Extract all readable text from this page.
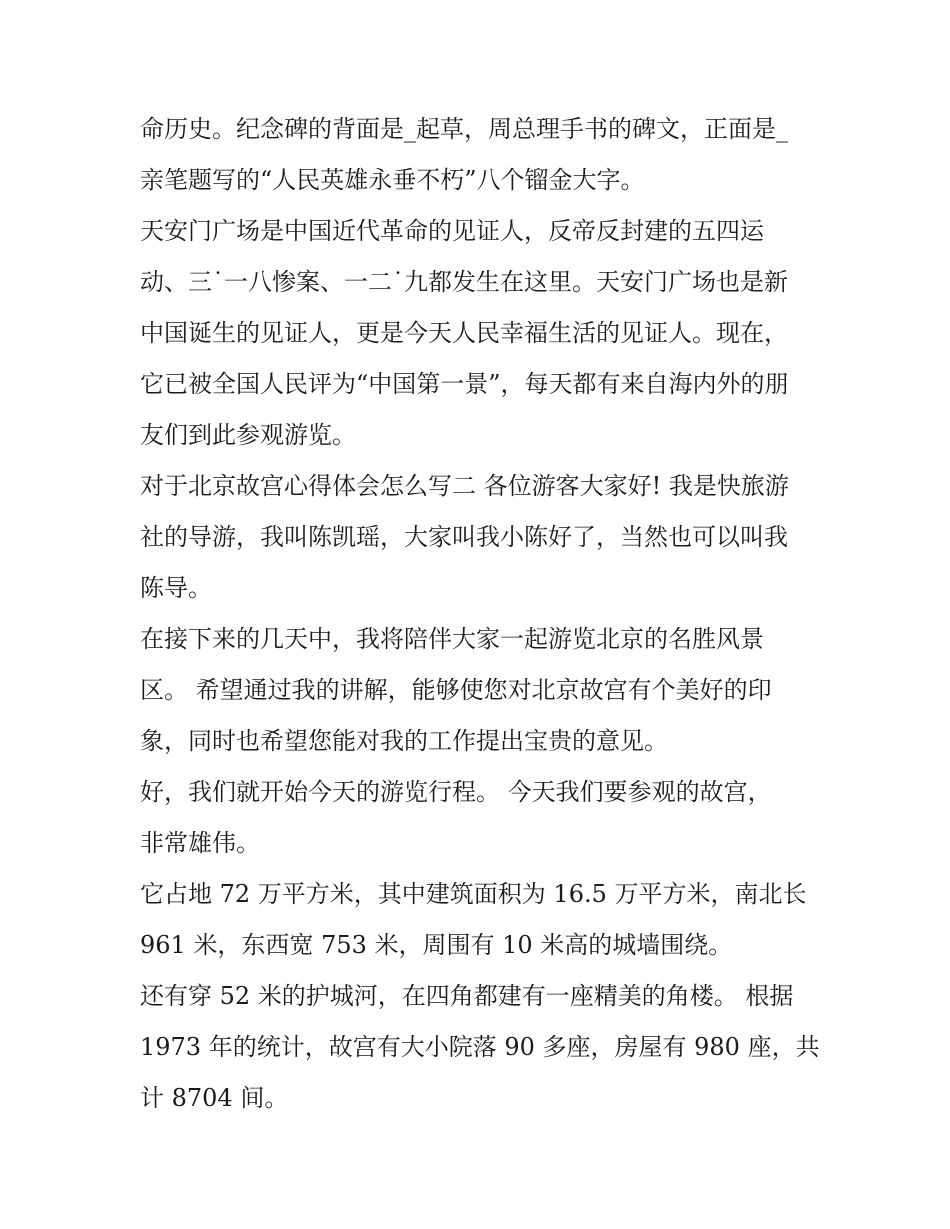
命历史。纪念碑的背面是_起草，周总理手书的碑文，正面是_
亲笔题写的“人民英雄永垂不朽”八个镏金大字。

天安门广场是中国近代革命的见证人，反帝反封建的五四运
动、三˙一八惨案、一二˙九都发生在这里。天安门广场也是新
中国诞生的见证人，更是今天人民幸福生活的见证人。现在，
它已被全国人民评为“中国第一景”，每天都有来自海内外的朋
友们到此参观游览。

对于北京故宫心得体会怎么写二 各位游客大家好! 我是快旅游
社的导游，我叫陈凯瑶，大家叫我小陈好了，当然也可以叫我
陈导。

在接下来的几天中，我将陪伴大家一起游览北京的名胜风景
区。 希望通过我的讲解，能够使您对北京故宫有个美好的印
象，同时也希望您能对我的工作提出宝贵的意见。

好，我们就开始今天的游览行程。 今天我们要参观的故宫，
非常雄伟。

它占地 72 万平方米，其中建筑面积为 16.5 万平方米，南北长
961 米，东西宽 753 米，周围有 10 米高的城墙围绕。

还有穿 52 米的护城河，在四角都建有一座精美的角楼。 根据
1973 年的统计，故宫有大小院落 90 多座，房屋有 980 座，共
计 8704 间。
